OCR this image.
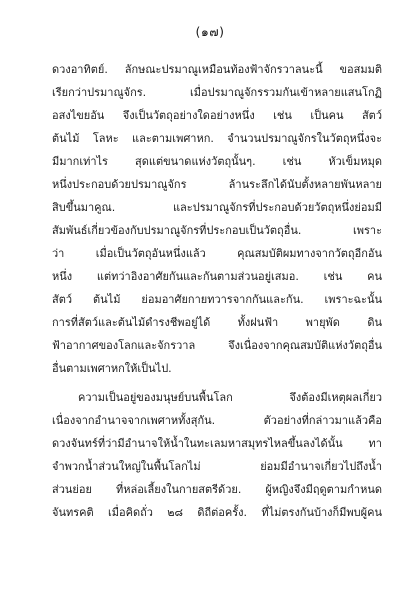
(๑๗)
ดวงอาทิตย์. ลักษณะปรมาณูเหมือนท้องฟ้าจักรวาลนะนี้ ขอสมมติ
เรียกว่าปรมาณูจักร. เมื่อปรมาณูจักรรวมกันเข้าหลายแสนโกฏิ
อสงไขยอัน จึงเป็นวัตถุอย่างใดอย่างหนึ่ง เช่น เป็นคน สัตว์
ต้นไม้ โลหะ และตามเพศาหก. จำนวนปรมาณูจักรในวัตถุหนึ่งจะ
มีมากเท่าไร สุดแต่ขนาดแห่งวัตถุนั้นๆ. เช่น หัวเข็มหมุด
หนึ่งประกอบด้วยปรมาณูจักร ล้านระลึกได้นับตั้งหลายพันหลาย
สิบขึ้นมาคูณ. และปรมาณูจักรที่ประกอบด้วยวัตถุหนึ่งย่อมมี
สัมพันธ์เกี่ยวข้องกับปรมาณูจักรที่ประกอบเป็นวัตถุอื่น. เพราะ
ว่า เมื่อเป็นวัตถุอันหนึ่งแล้ว คุณสมบัติผมทางจากวัตถุอีกอัน
หนึ่ง แต่ทว่าอิงอาศัยกันและกันตามส่วนอยู่เสมอ. เช่น คน
สัตว์ ต้นไม้ ย่อมอาศัยกายทวารจากกันและกัน. เพราะฉะนั้น
การที่สัตว์และต้นไม้ดำรงชีพอยู่ได้ ทั้งฝนฟ้า พายุพัด ดิน
ฟ้าอากาศของโลกและจักรวาล จึงเนื่องจากคุณสมบัติแห่งวัตถุอื่น
อื่นตามเพศาหกให้เป็นไป.
ความเป็นอยู่ของมนุษย์บนพื้นโลก จึงต้องมีเหตุผลเกี่ยว
เนื่องจากอำนาจจากเพศาหทั้งสุกัน. ตัวอย่างที่กล่าวมาแล้วคือ
ดวงจันทร์ที่ว่ามีอำนาจให้น้ำในทะเลมหาสมุทรไหลขึ้นลงได้นั้น ทา
จำพวกน้ำส่วนใหญ่ในพื้นโลกไม่ ย่อมมีอำนาจเกี่ยวไปถึงน้ำ
ส่วนย่อย ที่หล่อเลี้ยงในกายสตรีด้วย. ผู้หญิงจึงมีฤดูตามกำหนด
จันทรคติ เมื่อคิดถั่ว ๒๘ ดิถีต่อครั้ง. ที่ไม่ตรงกันบ้างก็มีพบผู้คน
